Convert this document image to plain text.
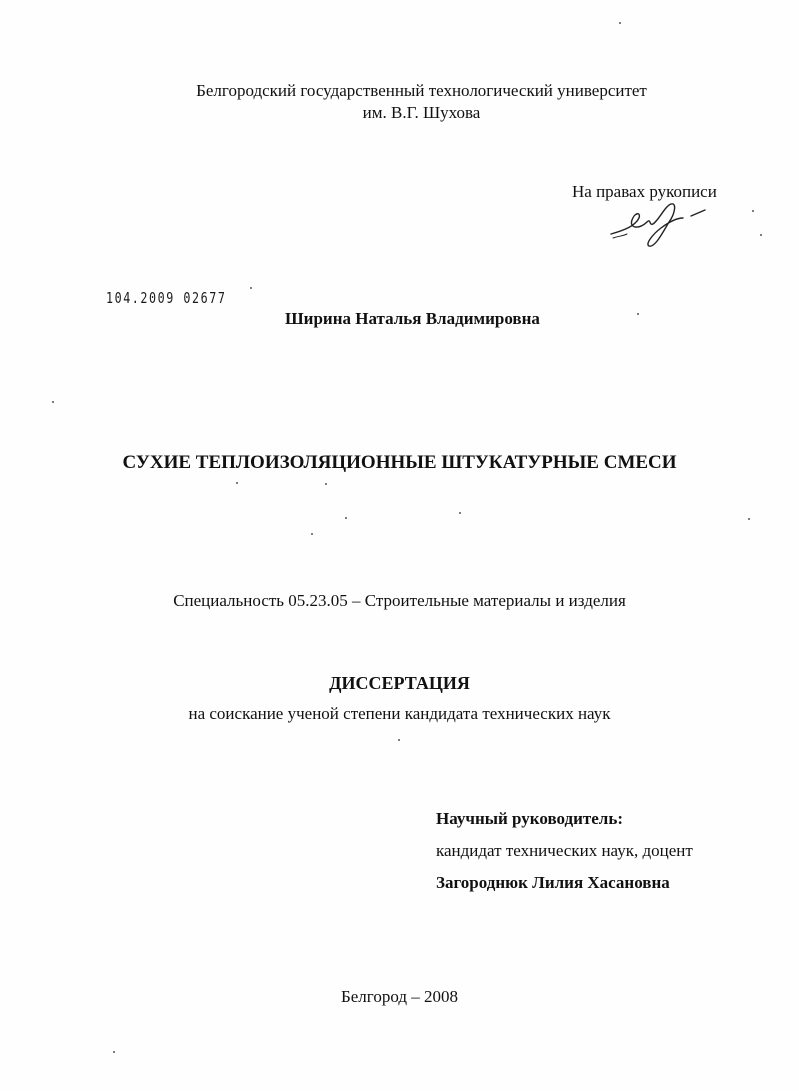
Белгородский государственный технологический университет
им. В.Г. Шухова
На правах рукописи
104.2009 02677
Ширина Наталья Владимировна
СУХИЕ ТЕПЛОИЗОЛЯЦИОННЫЕ ШТУКАТУРНЫЕ СМЕСИ
Специальность 05.23.05 – Строительные материалы и изделия
ДИССЕРТАЦИЯ
на соискание ученой степени кандидата технических наук
Научный руководитель:
кандидат технических наук, доцент
Загороднюк Лилия Хасановна
Белгород – 2008
